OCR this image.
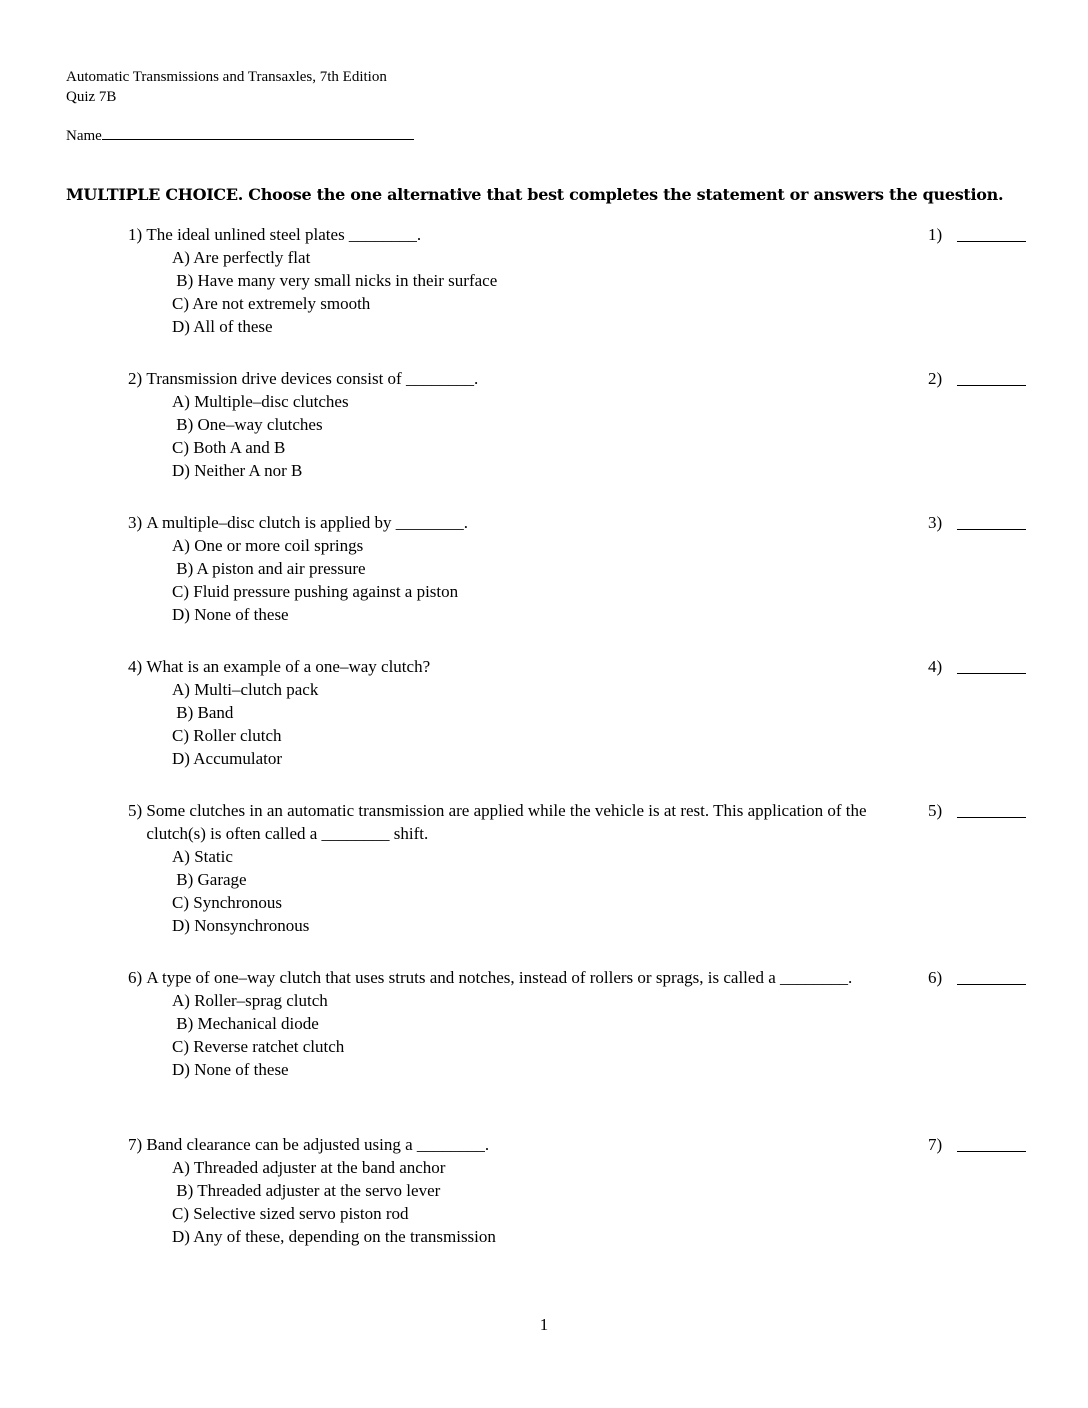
Automatic Transmissions and Transaxles, 7th Edition
Quiz 7B
Name
MULTIPLE CHOICE. Choose the one alternative that best completes the statement or answers the question.
1)
The ideal unlined steel plates ________.
A) Are perfectly flat
B) Have many very small nicks in their surface
C) Are not extremely smooth
D) All of these
1)
2)
Transmission drive devices consist of ________.
A) Multiple–disc clutches
B) One–way clutches
C) Both A and B
D) Neither A nor B
2)
3)
A multiple–disc clutch is applied by ________.
A) One or more coil springs
B) A piston and air pressure
C) Fluid pressure pushing against a piston
D) None of these
3)
4)
What is an example of a one–way clutch?
A) Multi–clutch pack
B) Band
C) Roller clutch
D) Accumulator
4)
5)
Some clutches in an automatic transmission are applied while the vehicle is at rest. This application of the clutch(s) is often called a ________ shift.
A) Static
B) Garage
C) Synchronous
D) Nonsynchronous
5)
6)
A type of one–way clutch that uses struts and notches, instead of rollers or sprags, is called a ________.
A) Roller–sprag clutch
B) Mechanical diode
C) Reverse ratchet clutch
D) None of these
6)
7)
Band clearance can be adjusted using a ________.
A) Threaded adjuster at the band anchor
B) Threaded adjuster at the servo lever
C) Selective sized servo piston rod
D) Any of these, depending on the transmission
7)
1
